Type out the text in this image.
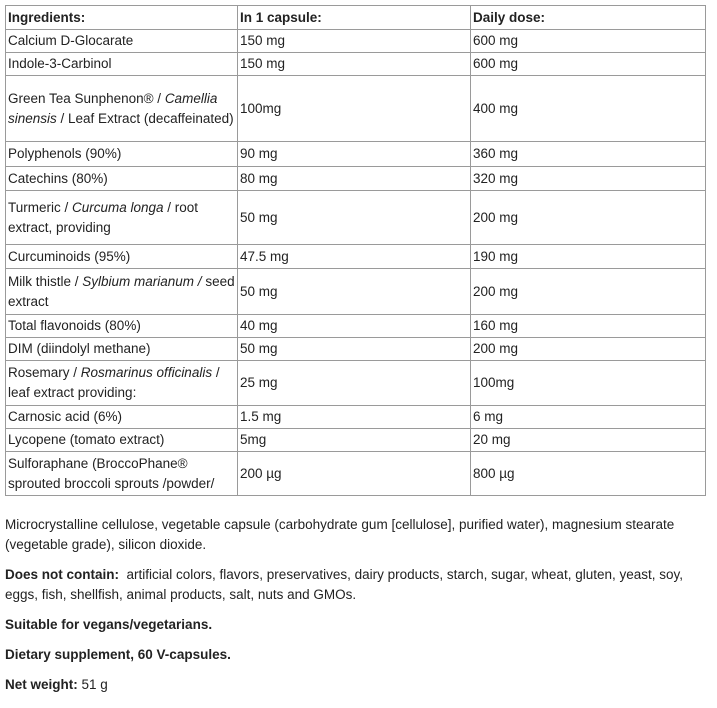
Ingredients:	In 1 capsule:	Daily dose:
Calcium D-Glocarate	150 mg	600 mg
Indole-3-Carbinol	150 mg	600 mg
Green Tea Sunphenon® / Camellia sinensis / Leaf Extract (decaffeinated)	100mg	400 mg
Polyphenols (90%)	90 mg	360 mg
Catechins (80%)	80 mg	320 mg
Turmeric / Curcuma longa / root extract, providing	50 mg	200 mg
Curcuminoids (95%)	47.5 mg	190 mg
Milk thistle / Sylbium marianum / seed extract	50 mg	200 mg
Total flavonoids (80%)	40 mg	160 mg
DIM (diindolyl methane)	50 mg	200 mg
Rosemary / Rosmarinus officinalis / leaf extract providing:	25 mg	100mg
Carnosic acid (6%)	1.5 mg	6 mg
Lycopene (tomato extract)	5mg	20 mg
Sulforaphane (BroccoPhane® sprouted broccoli sprouts /powder/	200 µg	800 µg

Microcrystalline cellulose, vegetable capsule (carbohydrate gum [cellulose], purified water), magnesium stearate (vegetable grade), silicon dioxide.

Does not contain: artificial colors, flavors, preservatives, dairy products, starch, sugar, wheat, gluten, yeast, soy, eggs, fish, shellfish, animal products, salt, nuts and GMOs.

Suitable for vegans/vegetarians.

Dietary supplement, 60 V-capsules.

Net weight: 51 g
